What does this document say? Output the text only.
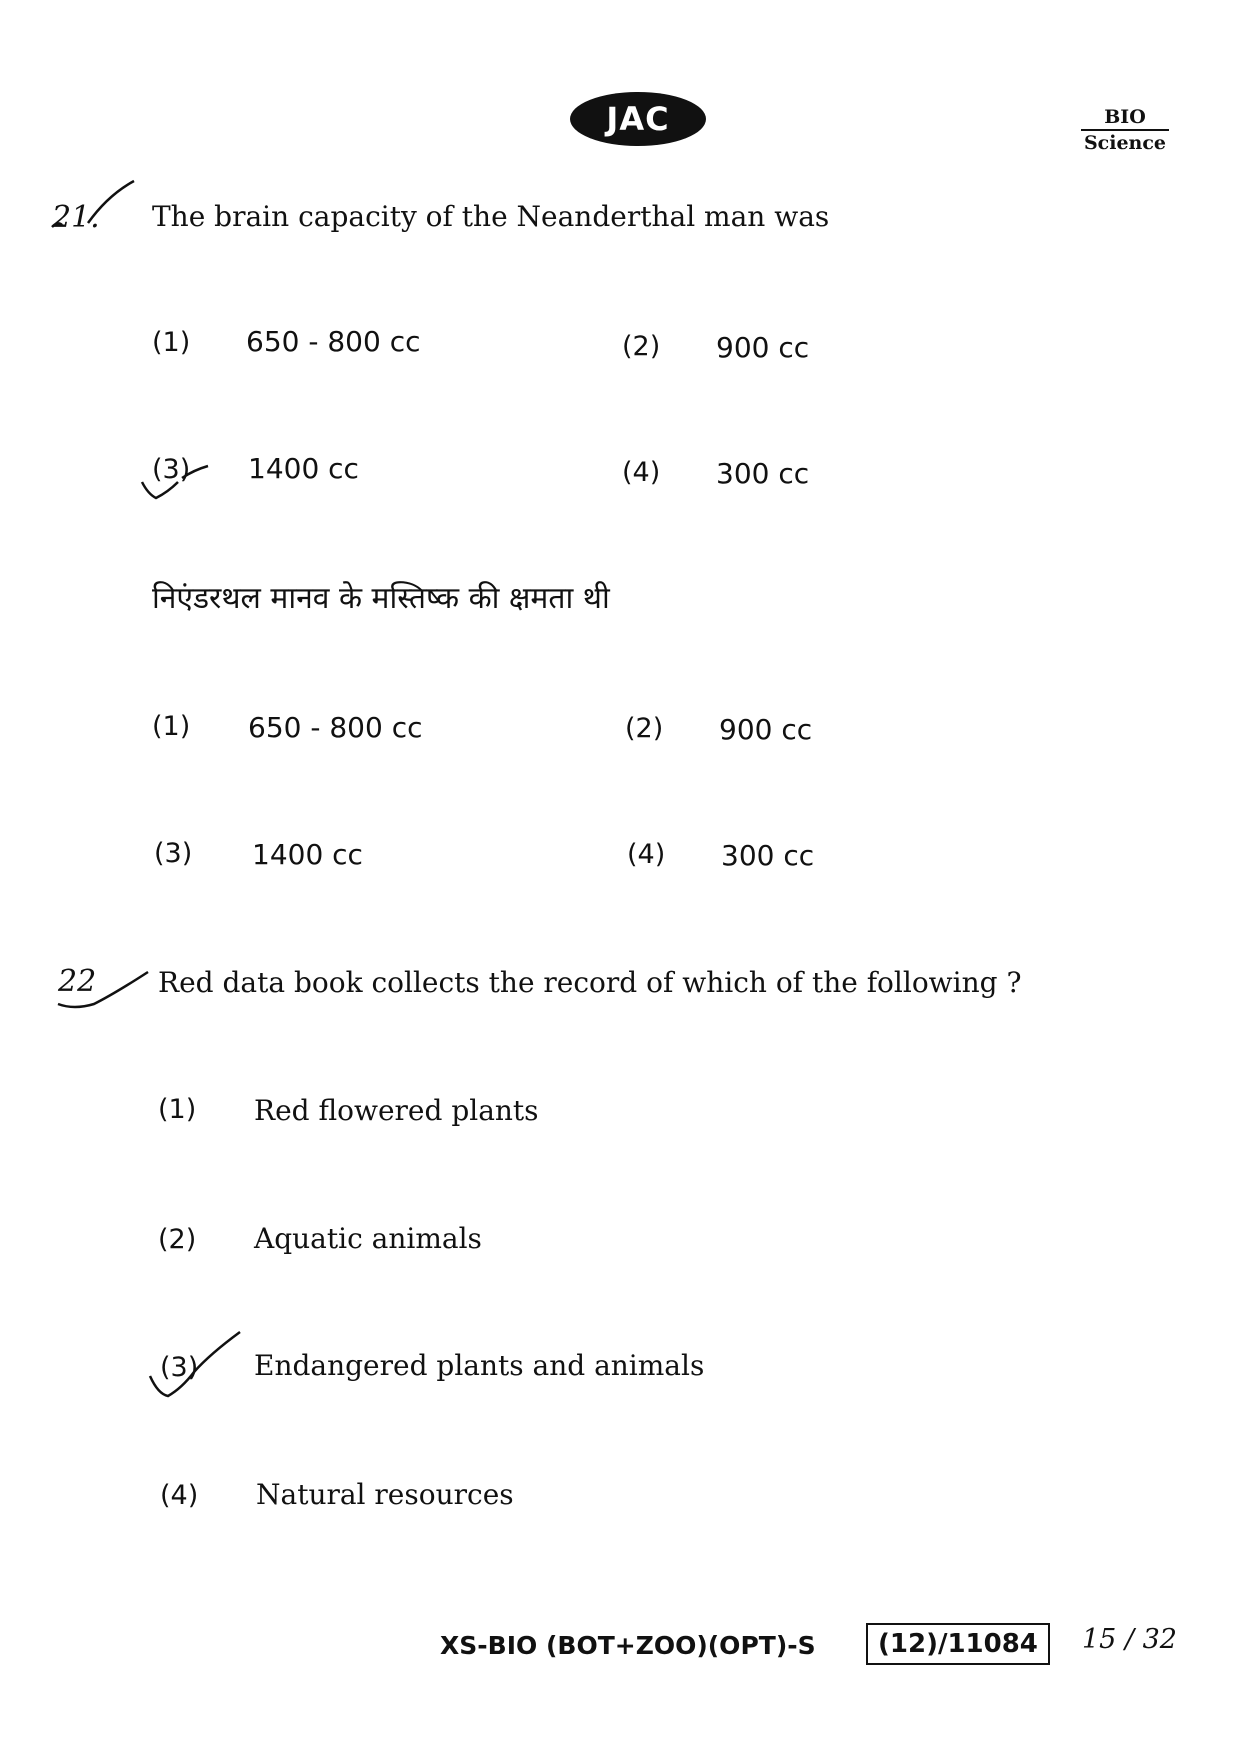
JAC	BIO
Science
21. The brain capacity of the Neanderthal man was
(1) 650 - 800 cc	(2) 900 cc
(3) 1400 cc	(4) 300 cc
निएंडरथल मानव के मस्तिष्क की क्षमता थी
(1) 650 - 800 cc	(2) 900 cc
(3) 1400 cc	(4) 300 cc
22 Red data book collects the record of which of the following ?
(1) Red flowered plants
(2) Aquatic animals
(3) Endangered plants and animals
(4) Natural resources
XS-BIO (BOT+ZOO)(OPT)-S	(12)/11084	15 / 32
